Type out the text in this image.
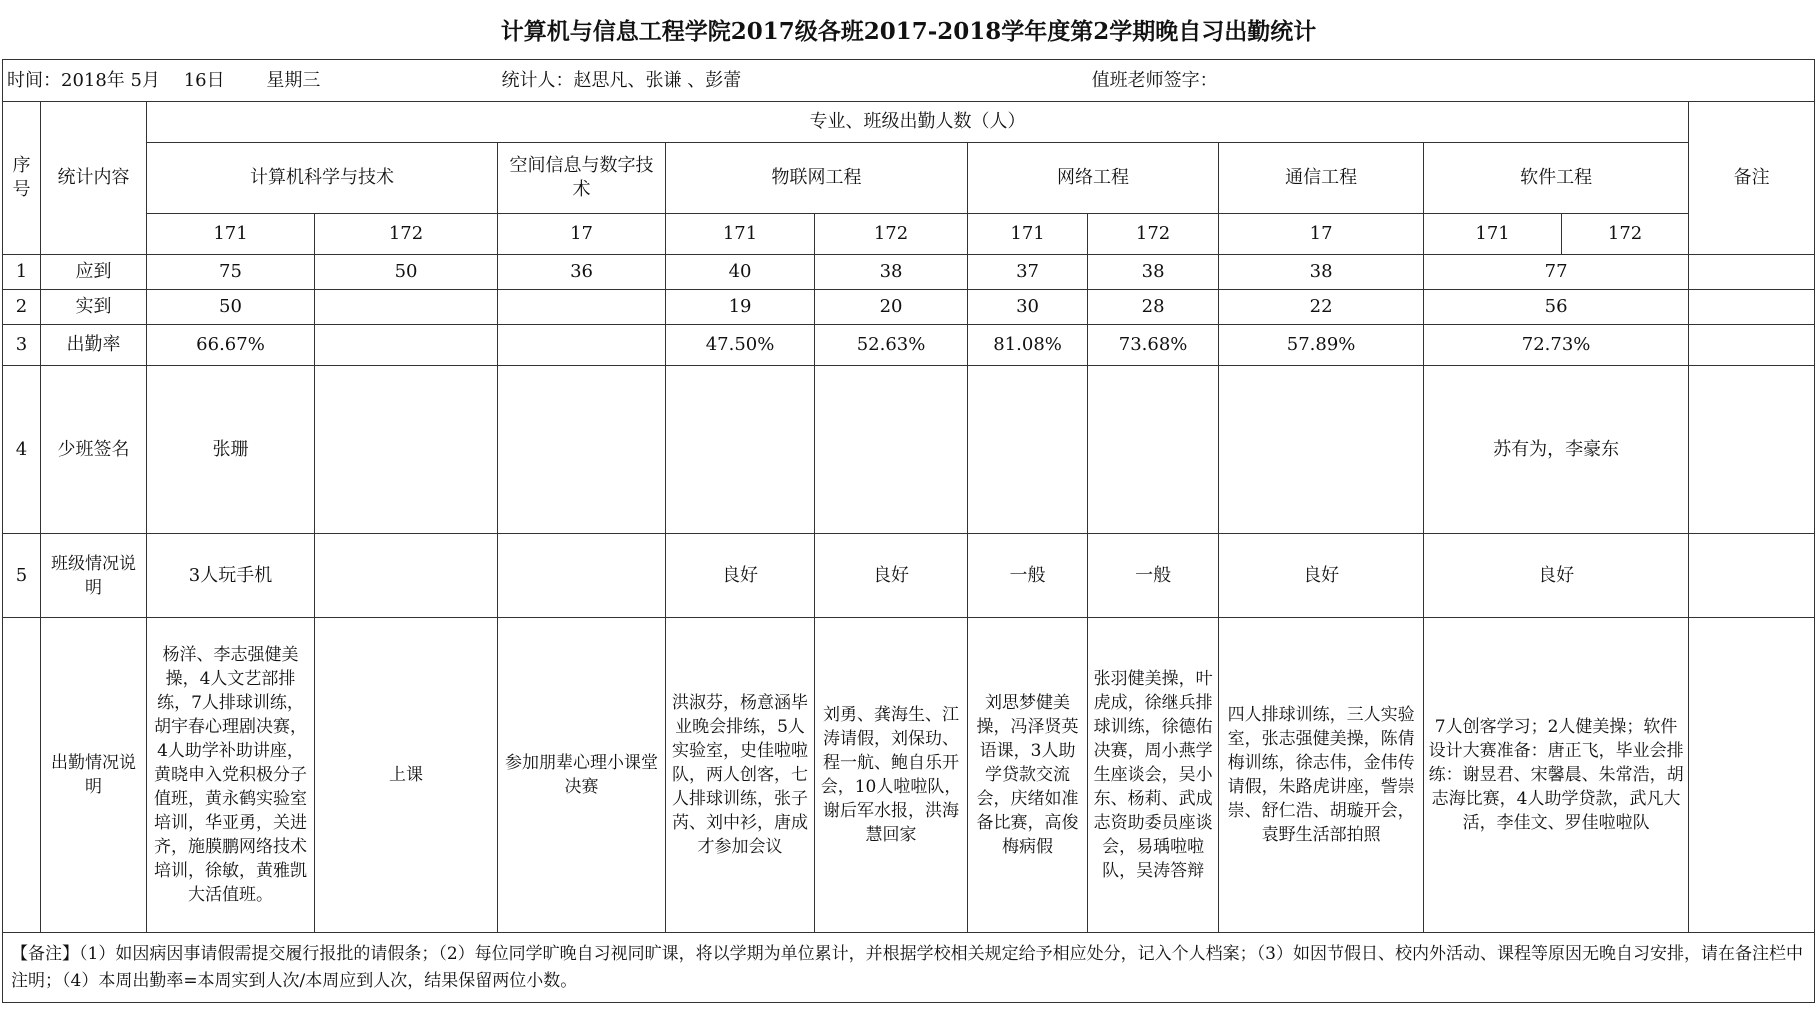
计算机与信息工程学院2017级各班2017-2018学年度第2学期晚自习出勤统计
时间：2018年 5月　 16日　　 星期三				统计人：赵思凡、张谦 、彭蕾				值班老师签字：				
序号	统计内容	专业、班级出勤人数（人）										备注
		计算机科学与技术		空间信息与数字技术	物联网工程		网络工程		通信工程	软件工程		
		171	172	17	171	172	171	172	17	171	172	
1	应到	75	50	36	40	38	37	38	38	77		
2	实到	50			19	20	30	28	22	56		
3	出勤率	66.67%			47.50%	52.63%	81.08%	73.68%	57.89%	72.73%		
4	少班签名	张珊								苏有为，李豪东		
5	班级情况说明	3人玩手机			良好	良好	一般	一般	良好	良好		
	出勤情况说明	杨洋、李志强健美操，4人文艺部排练，7人排球训练，胡宇春心理剧决赛，4人助学补助讲座，黄晓申入党积极分子值班，黄永鹤实验室培训，华亚勇，关进齐，施膜鹏网络技术培训，徐敏，黄雅凯大活值班。	上课	参加朋辈心理小课堂决赛	洪淑芬，杨意涵毕业晚会排练，5人实验室，史佳啦啦队，两人创客，七人排球训练，张子芮、刘中衫，唐成才参加会议	刘勇、龚海生、江涛请假，刘保玏、程一航、鲍自乐开会，10人啦啦队，谢后军水报，洪海慧回家	刘思梦健美操，冯泽贤英语课，3人助学贷款交流会，庆绪如准备比赛，高俊梅病假	张羽健美操，叶虎成，徐继兵排球训练，徐德佑决赛，周小燕学生座谈会，吴小东、杨莉、武成志资助委员座谈会，易瑀啦啦队，吴涛答辩	四人排球训练，三人实验室，张志强健美操，陈倩梅训练，徐志伟，金伟传请假，朱路虎讲座，訾崇崇、舒仁浩、胡璇开会，袁野生活部拍照	7人创客学习；2人健美操；软件设计大赛准备：唐正飞，毕业会排练：谢昱君、宋馨晨、朱常浩，胡志海比赛，4人助学贷款，武凡大活，李佳文、罗佳啦啦队		
【备注】（1）如因病因事请假需提交履行报批的请假条；（2）每位同学旷晚自习视同旷课，将以学期为单位累计，并根据学校相关规定给予相应处分，记入个人档案；（3）如因节假日、校内外活动、课程等原因无晚自习安排，请在备注栏中注明；（4）本周出勤率=本周实到人次/本周应到人次，结果保留两位小数。												
